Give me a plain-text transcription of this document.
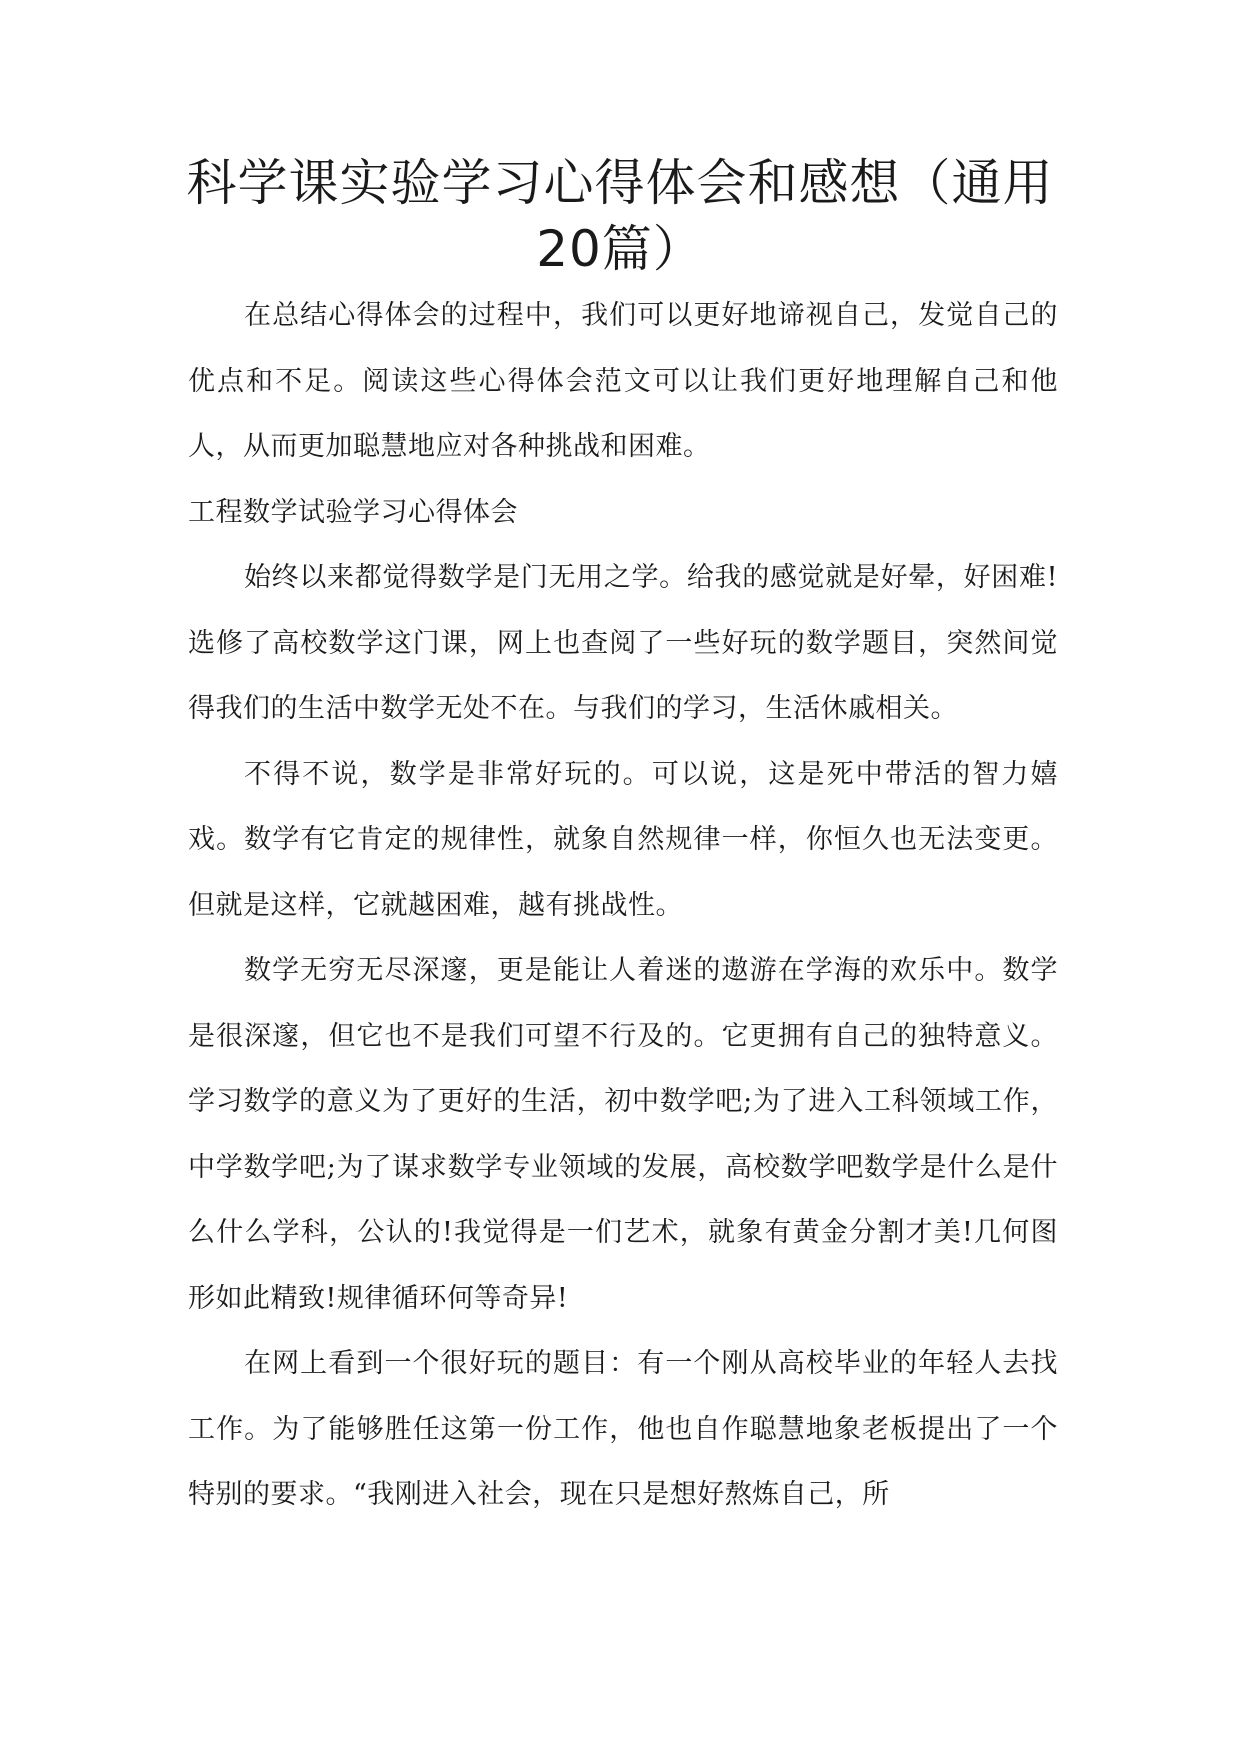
科学课实验学习心得体会和感想（通用20篇）

在总结心得体会的过程中，我们可以更好地谛视自己，发觉自己的优点和不足。阅读这些心得体会范文可以让我们更好地理解自己和他人，从而更加聪慧地应对各种挑战和困难。

工程数学试验学习心得体会

始终以来都觉得数学是门无用之学。给我的感觉就是好晕，好困难!选修了高校数学这门课，网上也查阅了一些好玩的数学题目，突然间觉得我们的生活中数学无处不在。与我们的学习，生活休戚相关。

不得不说，数学是非常好玩的。可以说，这是死中带活的智力嬉戏。数学有它肯定的规律性，就象自然规律一样，你恒久也无法变更。但就是这样，它就越困难，越有挑战性。

数学无穷无尽深邃，更是能让人着迷的遨游在学海的欢乐中。数学是很深邃，但它也不是我们可望不行及的。它更拥有自己的独特意义。学习数学的意义为了更好的生活，初中数学吧;为了进入工科领域工作，中学数学吧;为了谋求数学专业领域的发展，高校数学吧数学是什么是什么什么学科，公认的!我觉得是一们艺术，就象有黄金分割才美!几何图形如此精致!规律循环何等奇异!

在网上看到一个很好玩的题目：有一个刚从高校毕业的年轻人去找工作。为了能够胜任这第一份工作，他也自作聪慧地象老板提出了一个特别的要求。“我刚进入社会，现在只是想好熬炼自己，所
